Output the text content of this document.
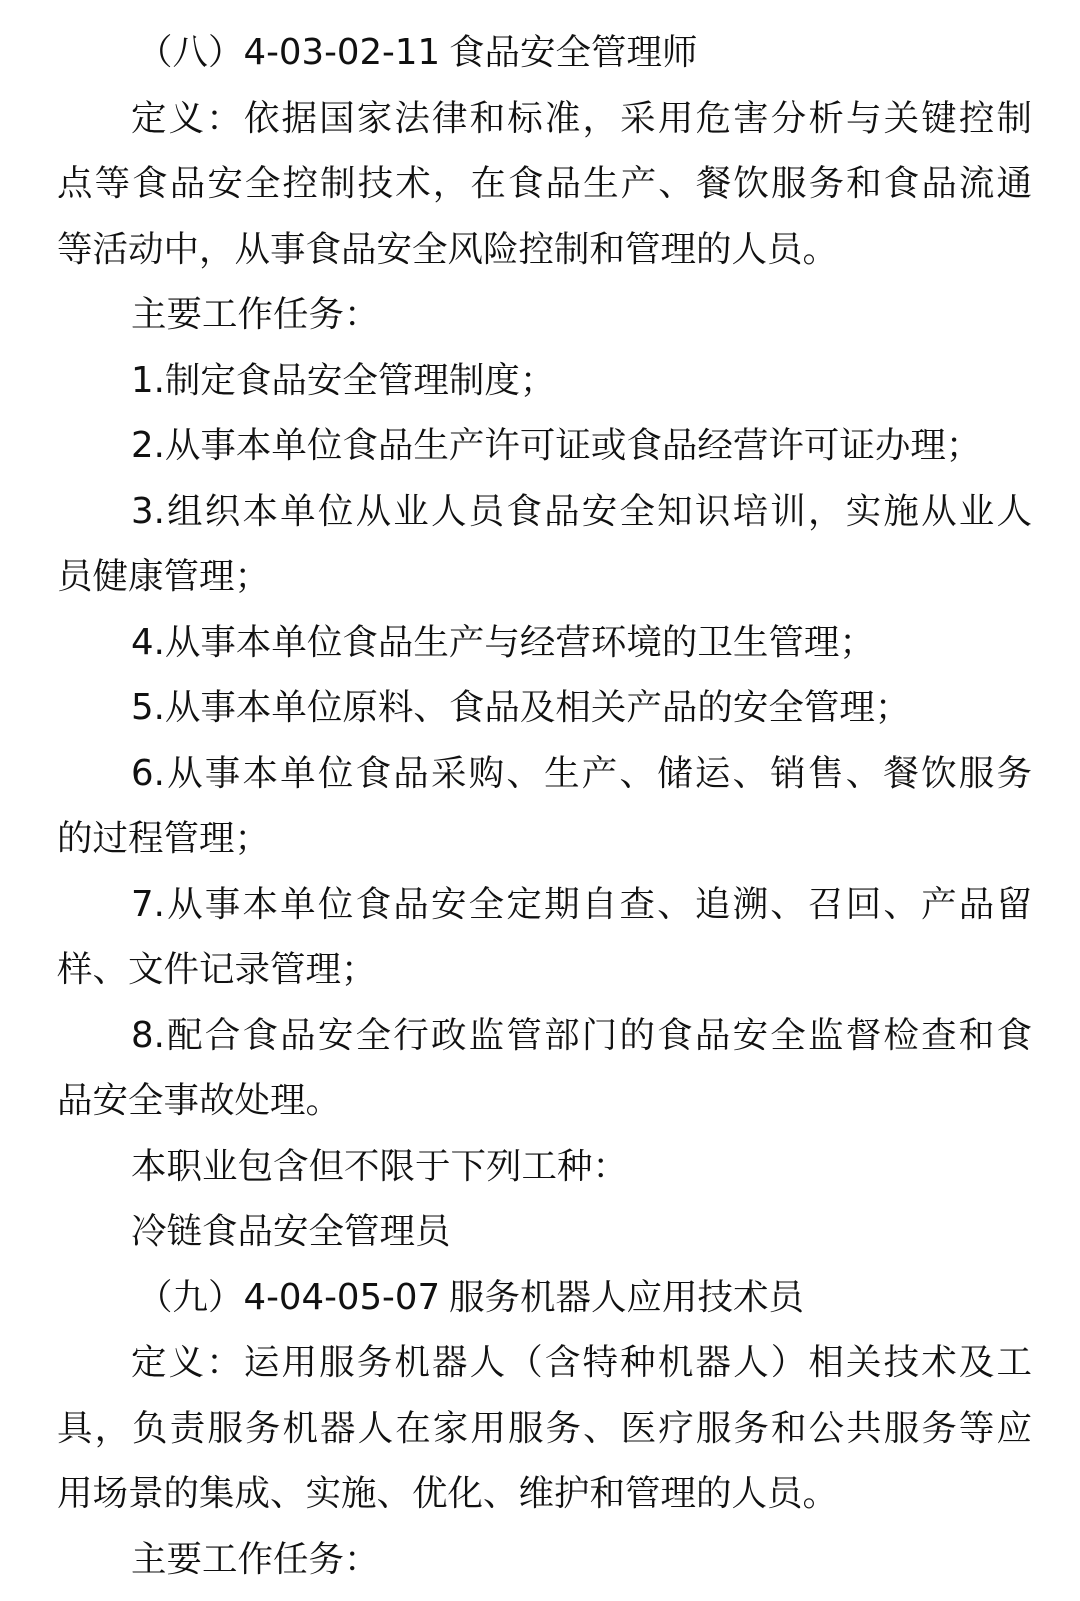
（八）4-03-02-11 食品安全管理师
定义：依据国家法律和标准，采用危害分析与关键控制
点等食品安全控制技术，在食品生产、餐饮服务和食品流通
等活动中，从事食品安全风险控制和管理的人员。
主要工作任务：
1.制定食品安全管理制度；
2.从事本单位食品生产许可证或食品经营许可证办理；
3.组织本单位从业人员食品安全知识培训，实施从业人
员健康管理；
4.从事本单位食品生产与经营环境的卫生管理；
5.从事本单位原料、食品及相关产品的安全管理；
6.从事本单位食品采购、生产、储运、销售、餐饮服务
的过程管理；
7.从事本单位食品安全定期自查、追溯、召回、产品留
样、文件记录管理；
8.配合食品安全行政监管部门的食品安全监督检查和食
品安全事故处理。
本职业包含但不限于下列工种：
冷链食品安全管理员
（九）4-04-05-07 服务机器人应用技术员
定义：运用服务机器人（含特种机器人）相关技术及工
具，负责服务机器人在家用服务、医疗服务和公共服务等应
用场景的集成、实施、优化、维护和管理的人员。
主要工作任务：
